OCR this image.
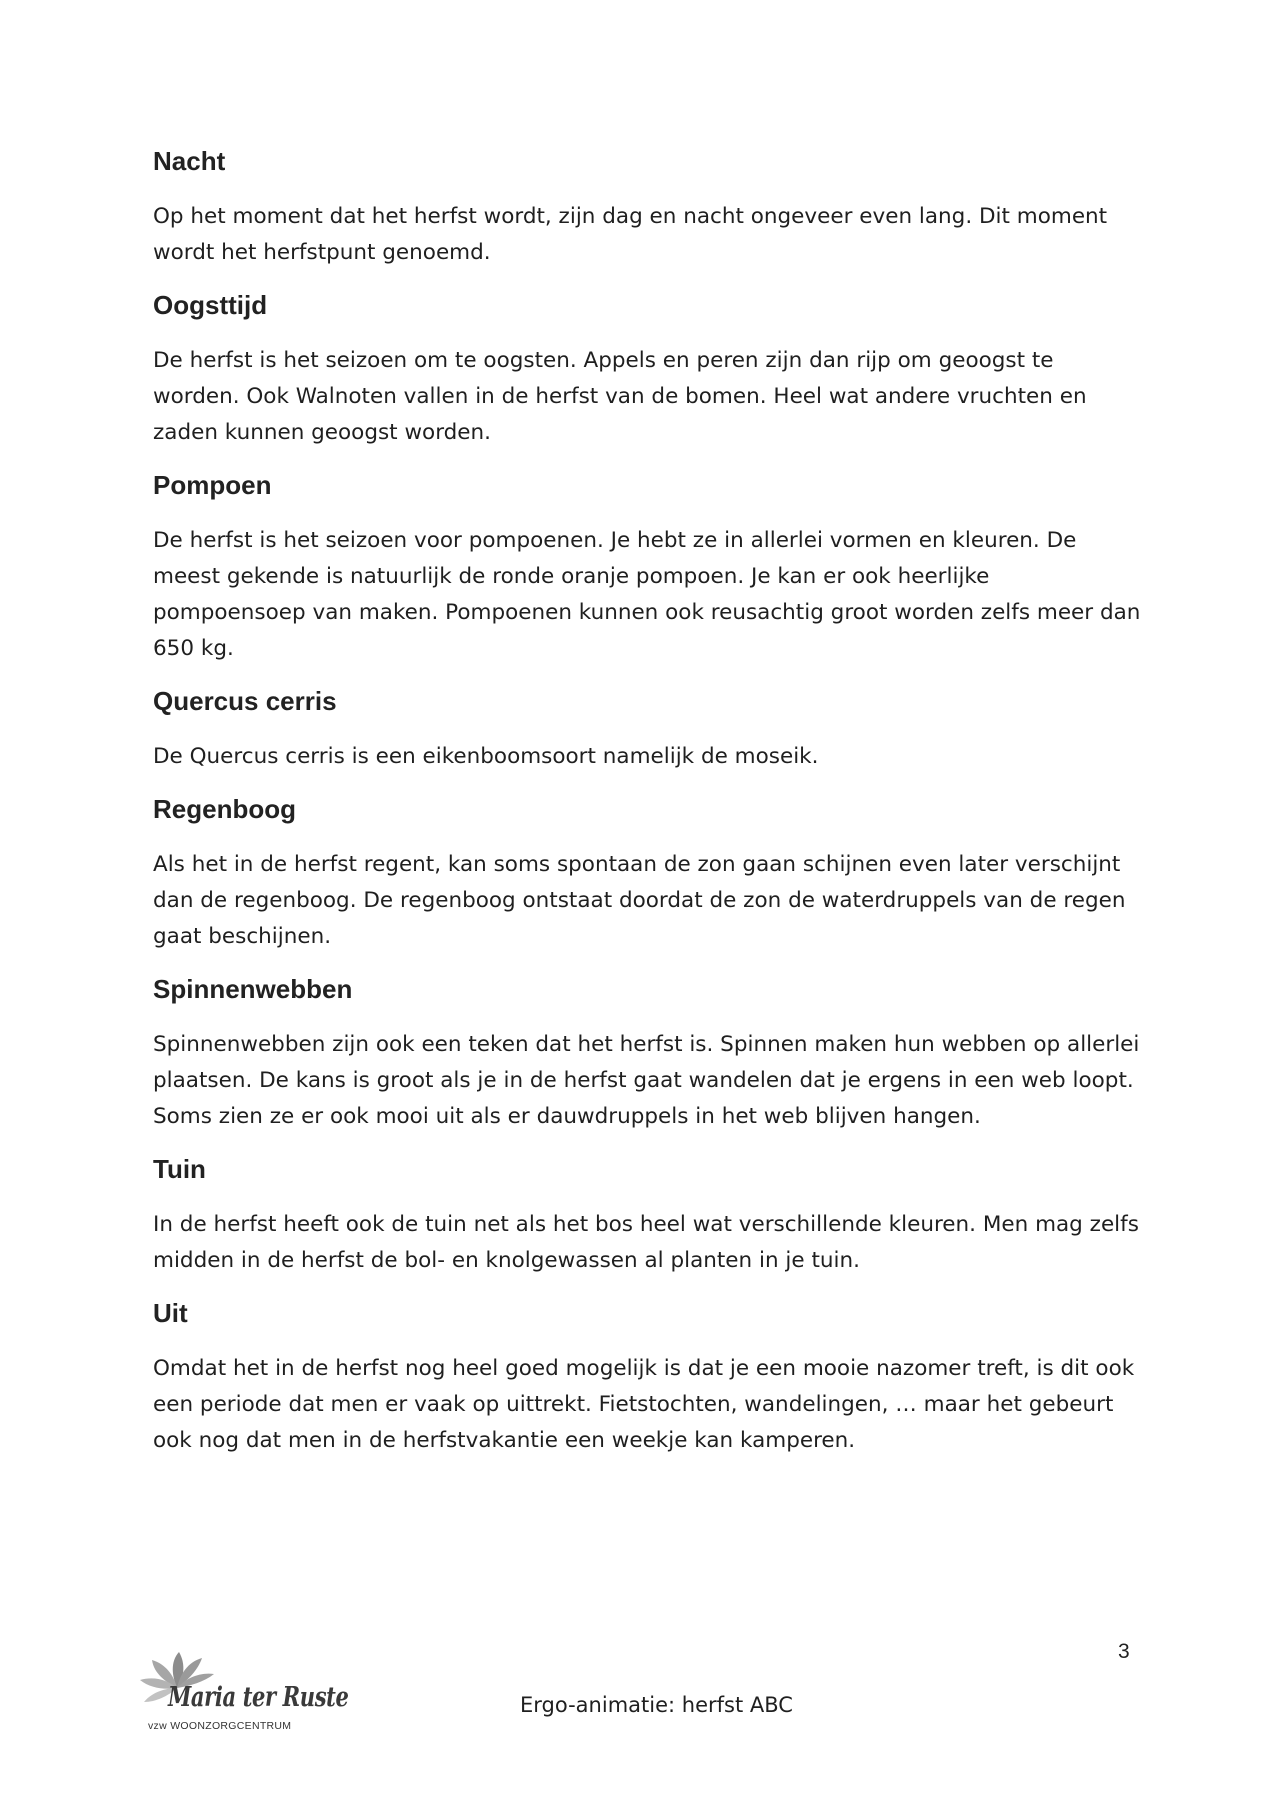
Nacht

Op het moment dat het herfst wordt, zijn dag en nacht ongeveer even lang. Dit moment wordt het herfstpunt genoemd.

Oogsttijd

De herfst is het seizoen om te oogsten. Appels en peren zijn dan rijp om geoogst te worden. Ook Walnoten vallen in de herfst van de bomen. Heel wat andere vruchten en zaden kunnen geoogst worden.

Pompoen

De herfst is het seizoen voor pompoenen. Je hebt ze in allerlei vormen en kleuren. De meest gekende is natuurlijk de ronde oranje pompoen. Je kan er ook heerlijke pompoensoep van maken. Pompoenen kunnen ook reusachtig groot worden zelfs meer dan 650 kg.

Quercus cerris

De Quercus cerris is een eikenboomsoort namelijk de moseik.

Regenboog

Als het in de herfst regent, kan soms spontaan de zon gaan schijnen even later verschijnt dan de regenboog. De regenboog ontstaat doordat de zon de waterdruppels van de regen gaat beschijnen.

Spinnenwebben

Spinnenwebben zijn ook een teken dat het herfst is. Spinnen maken hun webben op allerlei plaatsen. De kans is groot als je in de herfst gaat wandelen dat je ergens in een web loopt. Soms zien ze er ook mooi uit als er dauwdruppels in het web blijven hangen.

Tuin

In de herfst heeft ook de tuin net als het bos heel wat verschillende kleuren. Men mag zelfs midden in de herfst de bol- en knolgewassen al planten in je tuin.

Uit

Omdat het in de herfst nog heel goed mogelijk is dat je een mooie nazomer treft, is dit ook een periode dat men er vaak op uittrekt. Fietstochten, wandelingen, … maar het gebeurt ook nog dat men in de herfstvakantie een weekje kan kamperen.

3
Maria ter Ruste
vzw WOONZORGCENTRUM
Ergo-animatie: herfst ABC
